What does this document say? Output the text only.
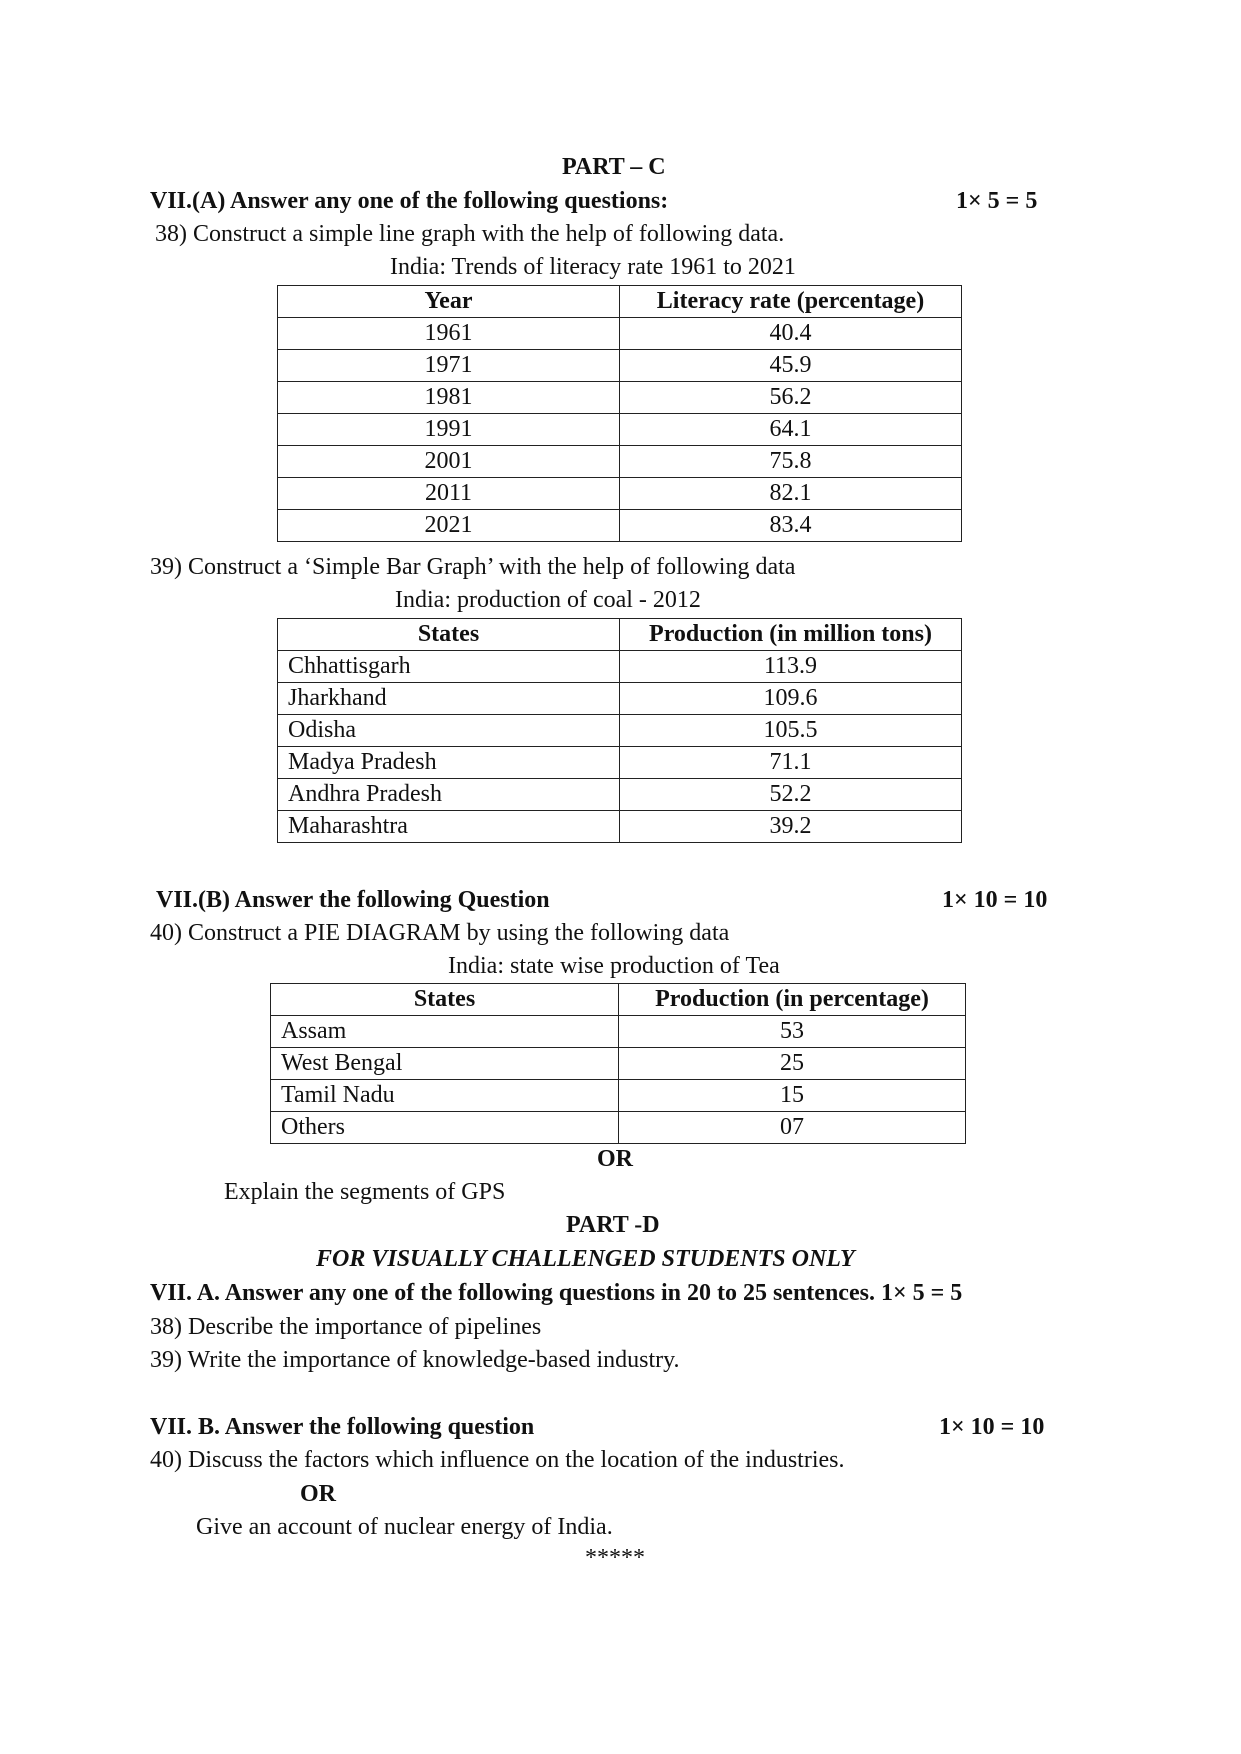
PART – C
VII.(A) Answer any one of the following questions:	1× 5 = 5
38) Construct a simple line graph with the help of following data.
India: Trends of literacy rate 1961 to 2021
Year	Literacy rate (percentage)
1961	40.4
1971	45.9
1981	56.2
1991	64.1
2001	75.8
2011	82.1
2021	83.4
39) Construct a ‘Simple Bar Graph’ with the help of following data
India: production of coal - 2012
States	Production (in million tons)
Chhattisgarh	113.9
Jharkhand	109.6
Odisha	105.5
Madya Pradesh	71.1
Andhra Pradesh	52.2
Maharashtra	39.2
VII.(B) Answer the following Question	1× 10 = 10
40) Construct a PIE DIAGRAM by using the following data
India: state wise production of Tea
States	Production (in percentage)
Assam	53
West Bengal	25
Tamil Nadu	15
Others	07
OR
Explain the segments of GPS
PART -D
FOR VISUALLY CHALLENGED STUDENTS ONLY
VII. A. Answer any one of the following questions in 20 to 25 sentences. 1× 5 = 5
38) Describe the importance of pipelines
39) Write the importance of knowledge-based industry.
VII. B. Answer the following question	1× 10 = 10
40) Discuss the factors which influence on the location of the industries.
OR
Give an account of nuclear energy of India.
*****
